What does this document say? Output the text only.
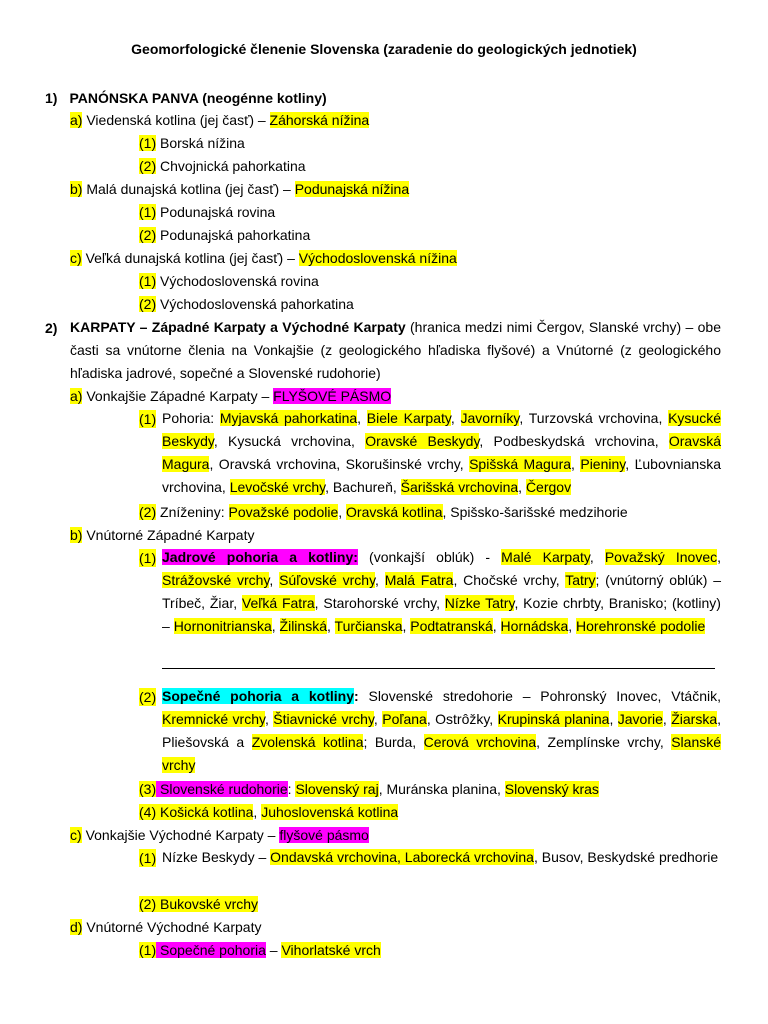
Geomorfologické členenie Slovenska (zaradenie do geologických jednotiek)
1) PANÓNSKA PANVA (neogénne kotliny)
a) Viedenská kotlina (jej časť) – Záhorská nížina
(1) Borská nížina
(2) Chvojnická pahorkatina
b) Malá dunajská kotlina (jej časť) – Podunajská nížina
(1) Podunajská rovina
(2) Podunajská pahorkatina
c) Veľká dunajská kotlina (jej časť) – Východoslovenská nížina
(1) Východoslovenská rovina
(2) Východoslovenská pahorkatina
2) KARPATY – Západné Karpaty a Východné Karpaty (hranica medzi nimi Čergov, Slanské vrchy) – obe časti sa vnútorne členia na Vonkajšie (z geologického hľadiska flyšové) a Vnútorné (z geologického hľadiska jadrové, sopečné a Slovenské rudohorie)
a) Vonkajšie Západné Karpaty – FLYŠOVÉ PÁSMO
(1) Pohoria: Myjavská pahorkatina, Biele Karpaty, Javorníky, Turzovská vrchovina, Kysucké Beskydy, Kysucká vrchovina, Oravské Beskydy, Podbeskydská vrchovina, Oravská Magura, Oravská vrchovina, Skorušinské vrchy, Spišská Magura, Pieniny, Ľubovnianska vrchovina, Levočské vrchy, Bachureň, Šarišská vrchovina, Čergov
(2) Zníženiny: Považské podolie, Oravská kotlina, Spišsko-šarišské medzihorie
b) Vnútorné Západné Karpaty
(1) Jadrové pohoria a kotliny: (vonkajší oblúk) - Malé Karpaty, Považský Inovec, Strážovské vrchy, Súľovské vrchy, Malá Fatra, Chočské vrchy, Tatry; (vnútorný oblúk) – Tríbeč, Žiar, Veľká Fatra, Starohorské vrchy, Nízke Tatry, Kozie chrbty, Branisko; (kotliny) – Hornonitrianska, Žilinská, Turčianska, Podtatranská, Hornádska, Horehronské podolie
(2) Sopečné pohoria a kotliny: Slovenské stredohorie – Pohronský Inovec, Vtáčnik, Kremnické vrchy, Štiavnické vrchy, Poľana, Ostrôžky, Krupinská planina, Javorie, Žiarska, Pliešovská a Zvolenská kotlina; Burda, Cerová vrchovina, Zemplínske vrchy, Slanské vrchy
(3) Slovenské rudohorie: Slovenský raj, Muránska planina, Slovenský kras
(4) Košická kotlina, Juhoslovenská kotlina
c) Vonkajšie Východné Karpaty – flyšové pásmo
(1) Nízke Beskydy – Ondavská vrchovina, Laborecká vrchovina, Busov, Beskydské predhorie
(2) Bukovské vrchy
d) Vnútorné Východné Karpaty
(1) Sopečné pohoria – Vihorlatské vrch
